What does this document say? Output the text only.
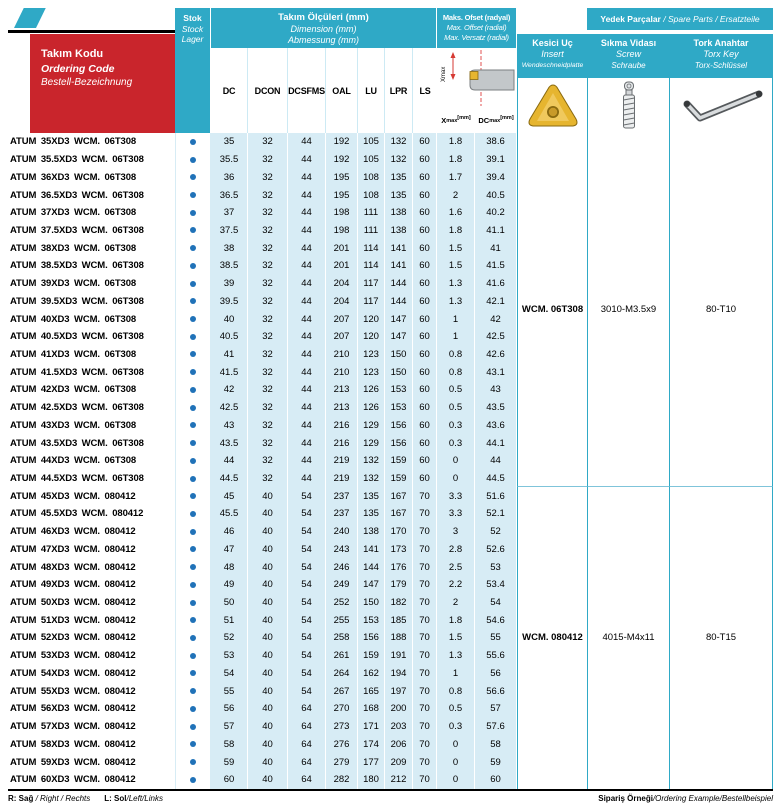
Takım Kodu
Ordering Code
Bestell-Bezeichnung
Stok
Stock
Lager
Takım Ölçüleri (mm)
Dimension (mm)
Abmessung (mm)
DC	DCON DCSFMS OAL	LU	LPR	LS
Maks. Ofset (radyal)
Max. Offset (radial)
Max. Versatz (radial)
Xmax
X max [mm] DC max [mm]
Yedek Parçalar / Spare Parts / Ersatzteile
Kesici Uç
Insert
Wendeschneidplatte
Sıkma Vidası
Screw
Schraube
Tork Anahtar
Torx Key
Torx-Schlüssel
WCM. 06T308	3010-M3.5x9	80-T10
ATUM 35XD3 WCM. 06T308	35	32	44	192	105	132	60	1.8	38.6
ATUM 35.5XD3 WCM. 06T308	35.5	32	44	192	105	132	60	1.8	39.1
ATUM 36XD3 WCM. 06T308	36	32	44	195	108	135	60	1.7	39.4
ATUM 36.5XD3 WCM. 06T308	36.5	32	44	195	108	135	60	2	40.5
ATUM 37XD3 WCM. 06T308	37	32	44	198	111	138	60	1.6	40.2
ATUM 37.5XD3 WCM. 06T308	37.5	32	44	198	111	138	60	1.8	41.1
ATUM 38XD3 WCM. 06T308	38	32	44	201	114	141	60	1.5	41
ATUM 38.5XD3 WCM. 06T308	38.5	32	44	201	114	141	60	1.5	41.5
ATUM 39XD3 WCM. 06T308	39	32	44	204	117	144	60	1.3	41.6
ATUM 39.5XD3 WCM. 06T308	39.5	32	44	204	117	144	60	1.3	42.1
ATUM 40XD3 WCM. 06T308	40	32	44	207	120	147	60	1	42
ATUM 40.5XD3 WCM. 06T308	40.5	32	44	207	120	147	60	1	42.5
ATUM 41XD3 WCM. 06T308	41	32	44	210	123	150	60	0.8	42.6
ATUM 41.5XD3 WCM. 06T308	41.5	32	44	210	123	150	60	0.8	43.1
ATUM 42XD3 WCM. 06T308	42	32	44	213	126	153	60	0.5	43
ATUM 42.5XD3 WCM. 06T308	42.5	32	44	213	126	153	60	0.5	43.5
ATUM 43XD3 WCM. 06T308	43	32	44	216	129	156	60	0.3	43.6
ATUM 43.5XD3 WCM. 06T308	43.5	32	44	216	129	156	60	0.3	44.1
ATUM 44XD3 WCM. 06T308	44	32	44	219	132	159	60	0	44
ATUM 44.5XD3 WCM. 06T308	44.5	32	44	219	132	159	60	0	44.5
WCM. 080412	4015-M4x11	80-T15
ATUM 45XD3 WCM. 080412	45	40	54	237	135	167	70	3.3	51.6
ATUM 45.5XD3 WCM. 080412	45.5	40	54	237	135	167	70	3.3	52.1
ATUM 46XD3 WCM. 080412	46	40	54	240	138	170	70	3	52
ATUM 47XD3 WCM. 080412	47	40	54	243	141	173	70	2.8	52.6
ATUM 48XD3 WCM. 080412	48	40	54	246	144	176	70	2.5	53
ATUM 49XD3 WCM. 080412	49	40	54	249	147	179	70	2.2	53.4
ATUM 50XD3 WCM. 080412	50	40	54	252	150	182	70	2	54
ATUM 51XD3 WCM. 080412	51	40	54	255	153	185	70	1.8	54.6
ATUM 52XD3 WCM. 080412	52	40	54	258	156	188	70	1.5	55
ATUM 53XD3 WCM. 080412	53	40	54	261	159	191	70	1.3	55.6
ATUM 54XD3 WCM. 080412	54	40	54	264	162	194	70	1	56
ATUM 55XD3 WCM. 080412	55	40	54	267	165	197	70	0.8	56.6
ATUM 56XD3 WCM. 080412	56	40	64	270	168	200	70	0.5	57
ATUM 57XD3 WCM. 080412	57	40	64	273	171	203	70	0.3	57.6
ATUM 58XD3 WCM. 080412	58	40	64	276	174	206	70	0	58
ATUM 59XD3 WCM. 080412	59	40	64	279	177	209	70	0	59
ATUM 60XD3 WCM. 080412	60	40	64	282	180	212	70	0	60
R: Sağ / Right / Rechts L: Sol/Left/Links	Sipariş Örneği/Ordering Example/Bestellbeispiel
